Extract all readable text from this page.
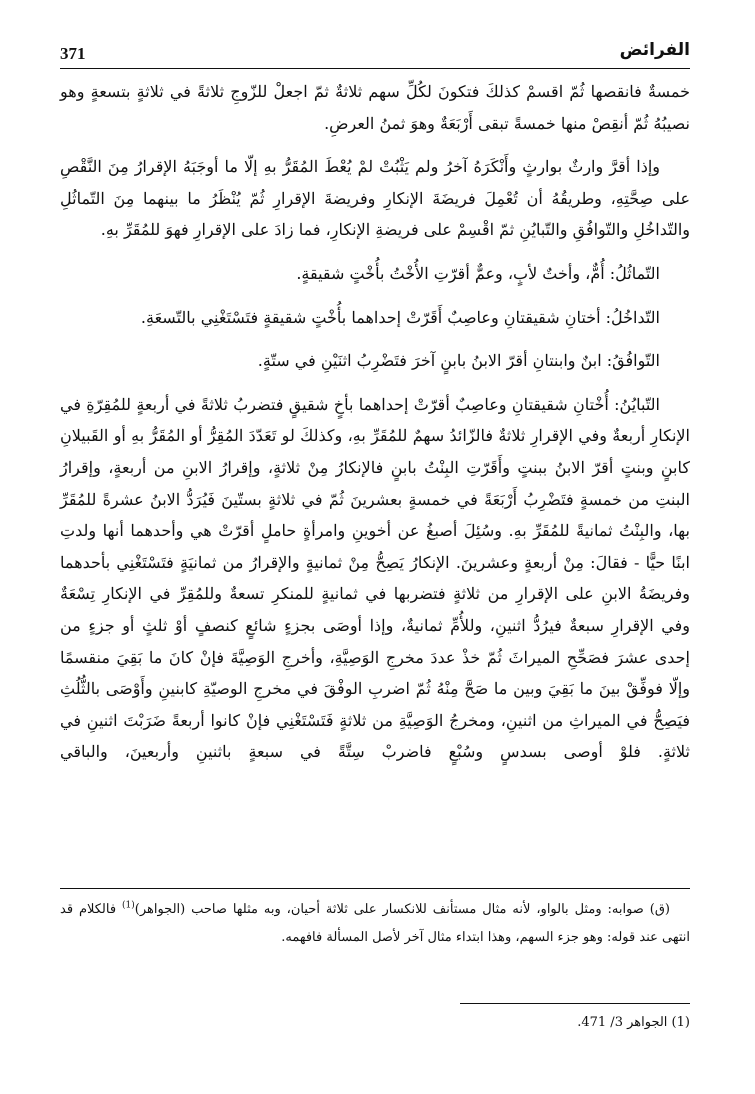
371	الفرائض

خمسةٌ فانقصها ثُمّ اقسمْ كذلكَ فتكونَ لكُلِّ سهم ثلاثةٌ ثمّ اجعلْ للزّوجِ ثلاثةً في ثلاثةٍ بتسعةٍ وهو نصيبُهُ ثُمّ أنقِصْ منها خمسةً تبقى أَرْبَعَةٌ وهوَ ثمنُ العرضِ.

وإذا أقرَّ وارثٌ بوارثٍ وأَنْكَرَهُ آخرُ ولم يَثْبُتْ لمْ يُعْطَ المُقَرُّ بهِ إلّا ما أوجَبَهُ الإقرارُ مِنَ النَّقْصِ على صِحَّتِهِ، وطريقُهُ أن تُعْمِلَ فريضَةَ الإنكارِ وفريضةَ الإقرارِ ثُمّ يُنْظَرُ ما بينهما مِنَ التّماثُلِ والتّداخُلِ والتّوافُقِ والتّبايُنِ ثمّ اقْسِمْ على فريضةِ الإنكارِ، فما زادَ على الإقرارِ فهوَ للمُقَرِّ بهِ.

التّماثُلُ: أُمٌّ، وأختٌ لأبٍ، وعمٌّ أقرّتِ الأُخْتُ بأُخْتٍ شقيقةٍ.

التّداخُلُ: أختانِ شقيقتانِ وعاصِبٌ أَقَرّتْ إحداهما بأُخْتٍ شقيقةٍ فتَسْتَغْنِي بالتّسعَةِ.

التّوافُقُ: ابنٌ وابنتانِ أقرّ الابنُ بابنٍ آخرَ فتَضْرِبُ اثنَيْنِ في ستّةٍ.

التّبايُنُ: أُخْتانِ شقيقتانِ وعاصِبٌ أقرّتْ إحداهما بأخٍ شقيقٍ فتضربُ ثلاثةً في أربعةٍ للمُقِرّةِ في الإنكارِ أربعةٌ وفي الإقرارِ ثلاثةٌ فالزّائدُ سهمٌ للمُقَرِّ بهِ، وكذلكَ لو تَعَدّدَ المُقِرُّ أو المُقَرُّ بهِ أو القَبيلانِ كابنٍ وبنتٍ أقرّ الابنُ ببنتٍ وأَقَرّتِ البِنْتُ بابنٍ فالإنكارُ مِنْ ثلاثةٍ، وإقرارُ الابنِ من أربعةٍ، وإقرارُ البنتِ من خمسةٍ فتَضْرِبُ أَرْبَعَةً في خمسةٍ بعشرينَ ثُمّ في ثلاثةٍ بستّينَ فَيُرَدُّ الابنُ عشرةً للمُقَرِّ بها، والبِنْتُ ثمانيةً للمُقَرِّ بهِ. وسُئِلَ أصبغُ عن أخوينِ وامرأةٍ حاملٍ أقرّتْ هي وأحدهما أنها ولدتِ ابنًا حيًّا - فقالَ: مِنْ أربعةٍ وعشرينَ. الإنكارُ يَصِحُّ مِنْ ثمانيةٍ والإقرارُ من ثمانيَةٍ فتَسْتَغْنِي بأحدهما وفريضَةُ الابنِ على الإقرارِ من ثلاثةٍ فتضربها في ثمانيةٍ للمنكرِ تسعةٌ وللمُقِرِّ في الإنكارِ تِسْعَةٌ وفي الإقرارِ سبعةٌ فيرُدُّ اثنينِ، وللأُمِّ ثمانيةٌ، وإذا أوصَى بجزءٍ شائعٍ كنصفٍ أوْ ثلثٍ أو جزءٍ من إحدى عشرَ فصَحِّحِ الميراثَ ثُمّ خذْ عددَ مخرجِ الوَصِيَّةِ، وأخرجِ الوَصِيَّةَ فإنْ كانَ ما بَقِيَ منقسمًا وإلّا فوفِّقْ بينَ ما بَقِيَ وبين ما صَحَّ مِنْهُ ثُمّ اضربِ الوفْقَ في مخرجِ الوصيّةِ كابنينِ وأَوْصَى بالثُّلُثِ فيَصِحُّ في الميراثِ من اثنينِ، ومخرجُ الوَصِيَّةِ من ثلاثةٍ فَتَسْتَغْنِي فإنْ كانوا أربعةً ضَرَبْتَ اثنينِ في ثلاثةٍ. فلوْ أوصى بسدسٍ وسُبْعٍ فاضربْ سِتَّةً في سبعةٍ باثنينِ وأربعينَ، والباقي

(ق) صوابه: ومثل بالواو، لأنه مثال مستأنف للانكسار على ثلاثة أحيان، وبه مثلها صاحب (الجواهر)$^{(1)}$ فالكلام قد انتهى عند قوله: وهو جزء السهم، وهذا ابتداء مثال آخر لأصل المسألة فافهمه.

(1) الجواهر 3/ 471.
